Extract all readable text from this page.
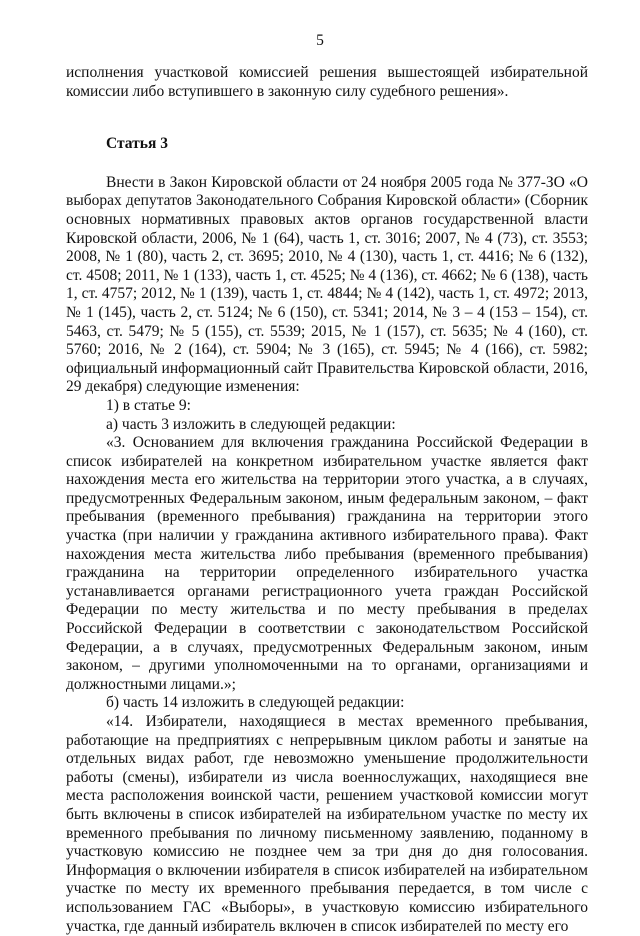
5

исполнения участковой комиссией решения вышестоящей избирательной комиссии либо вступившего в законную силу судебного решения».

Статья 3

Внести в Закон Кировской области от 24 ноября 2005 года № 377-ЗО «О выборах депутатов Законодательного Собрания Кировской области» (Сборник основных нормативных правовых актов органов государственной власти Кировской области, 2006, № 1 (64), часть 1, ст. 3016; 2007, № 4 (73), ст. 3553; 2008, № 1 (80), часть 2, ст. 3695; 2010, № 4 (130), часть 1, ст. 4416; № 6 (132), ст. 4508; 2011, № 1 (133), часть 1, ст. 4525; № 4 (136), ст. 4662; № 6 (138), часть 1, ст. 4757; 2012, № 1 (139), часть 1, ст. 4844; № 4 (142), часть 1, ст. 4972; 2013, № 1 (145), часть 2, ст. 5124; № 6 (150), ст. 5341; 2014, № 3 – 4 (153 – 154), ст. 5463, ст. 5479; № 5 (155), ст. 5539; 2015, № 1 (157), ст. 5635; № 4 (160), ст. 5760; 2016, № 2 (164), ст. 5904; № 3 (165), ст. 5945; № 4 (166), ст. 5982; официальный информационный сайт Правительства Кировской области, 2016, 29 декабря) следующие изменения:

1) в статье 9:

а) часть 3 изложить в следующей редакции:

«3. Основанием для включения гражданина Российской Федерации в список избирателей на конкретном избирательном участке является факт нахождения места его жительства на территории этого участка, а в случаях, предусмотренных Федеральным законом, иным федеральным законом, – факт пребывания (временного пребывания) гражданина на территории этого участка (при наличии у гражданина активного избирательного права). Факт нахождения места жительства либо пребывания (временного пребывания) гражданина на территории определенного избирательного участка устанавливается органами регистрационного учета граждан Российской Федерации по месту жительства и по месту пребывания в пределах Российской Федерации в соответствии с законодательством Российской Федерации, а в случаях, предусмотренных Федеральным законом, иным законом, – другими уполномоченными на то органами, организациями и должностными лицами.»;

б) часть 14 изложить в следующей редакции:

«14. Избиратели, находящиеся в местах временного пребывания, работающие на предприятиях с непрерывным циклом работы и занятые на отдельных видах работ, где невозможно уменьшение продолжительности работы (смены), избиратели из числа военнослужащих, находящиеся вне места расположения воинской части, решением участковой комиссии могут быть включены в список избирателей на избирательном участке по месту их временного пребывания по личному письменному заявлению, поданному в участковую комиссию не позднее чем за три дня до дня голосования. Информация о включении избирателя в список избирателей на избирательном участке по месту их временного пребывания передается, в том числе с использованием ГАС «Выборы», в участковую комиссию избирательного участка, где данный избиратель включен в список избирателей по месту его
